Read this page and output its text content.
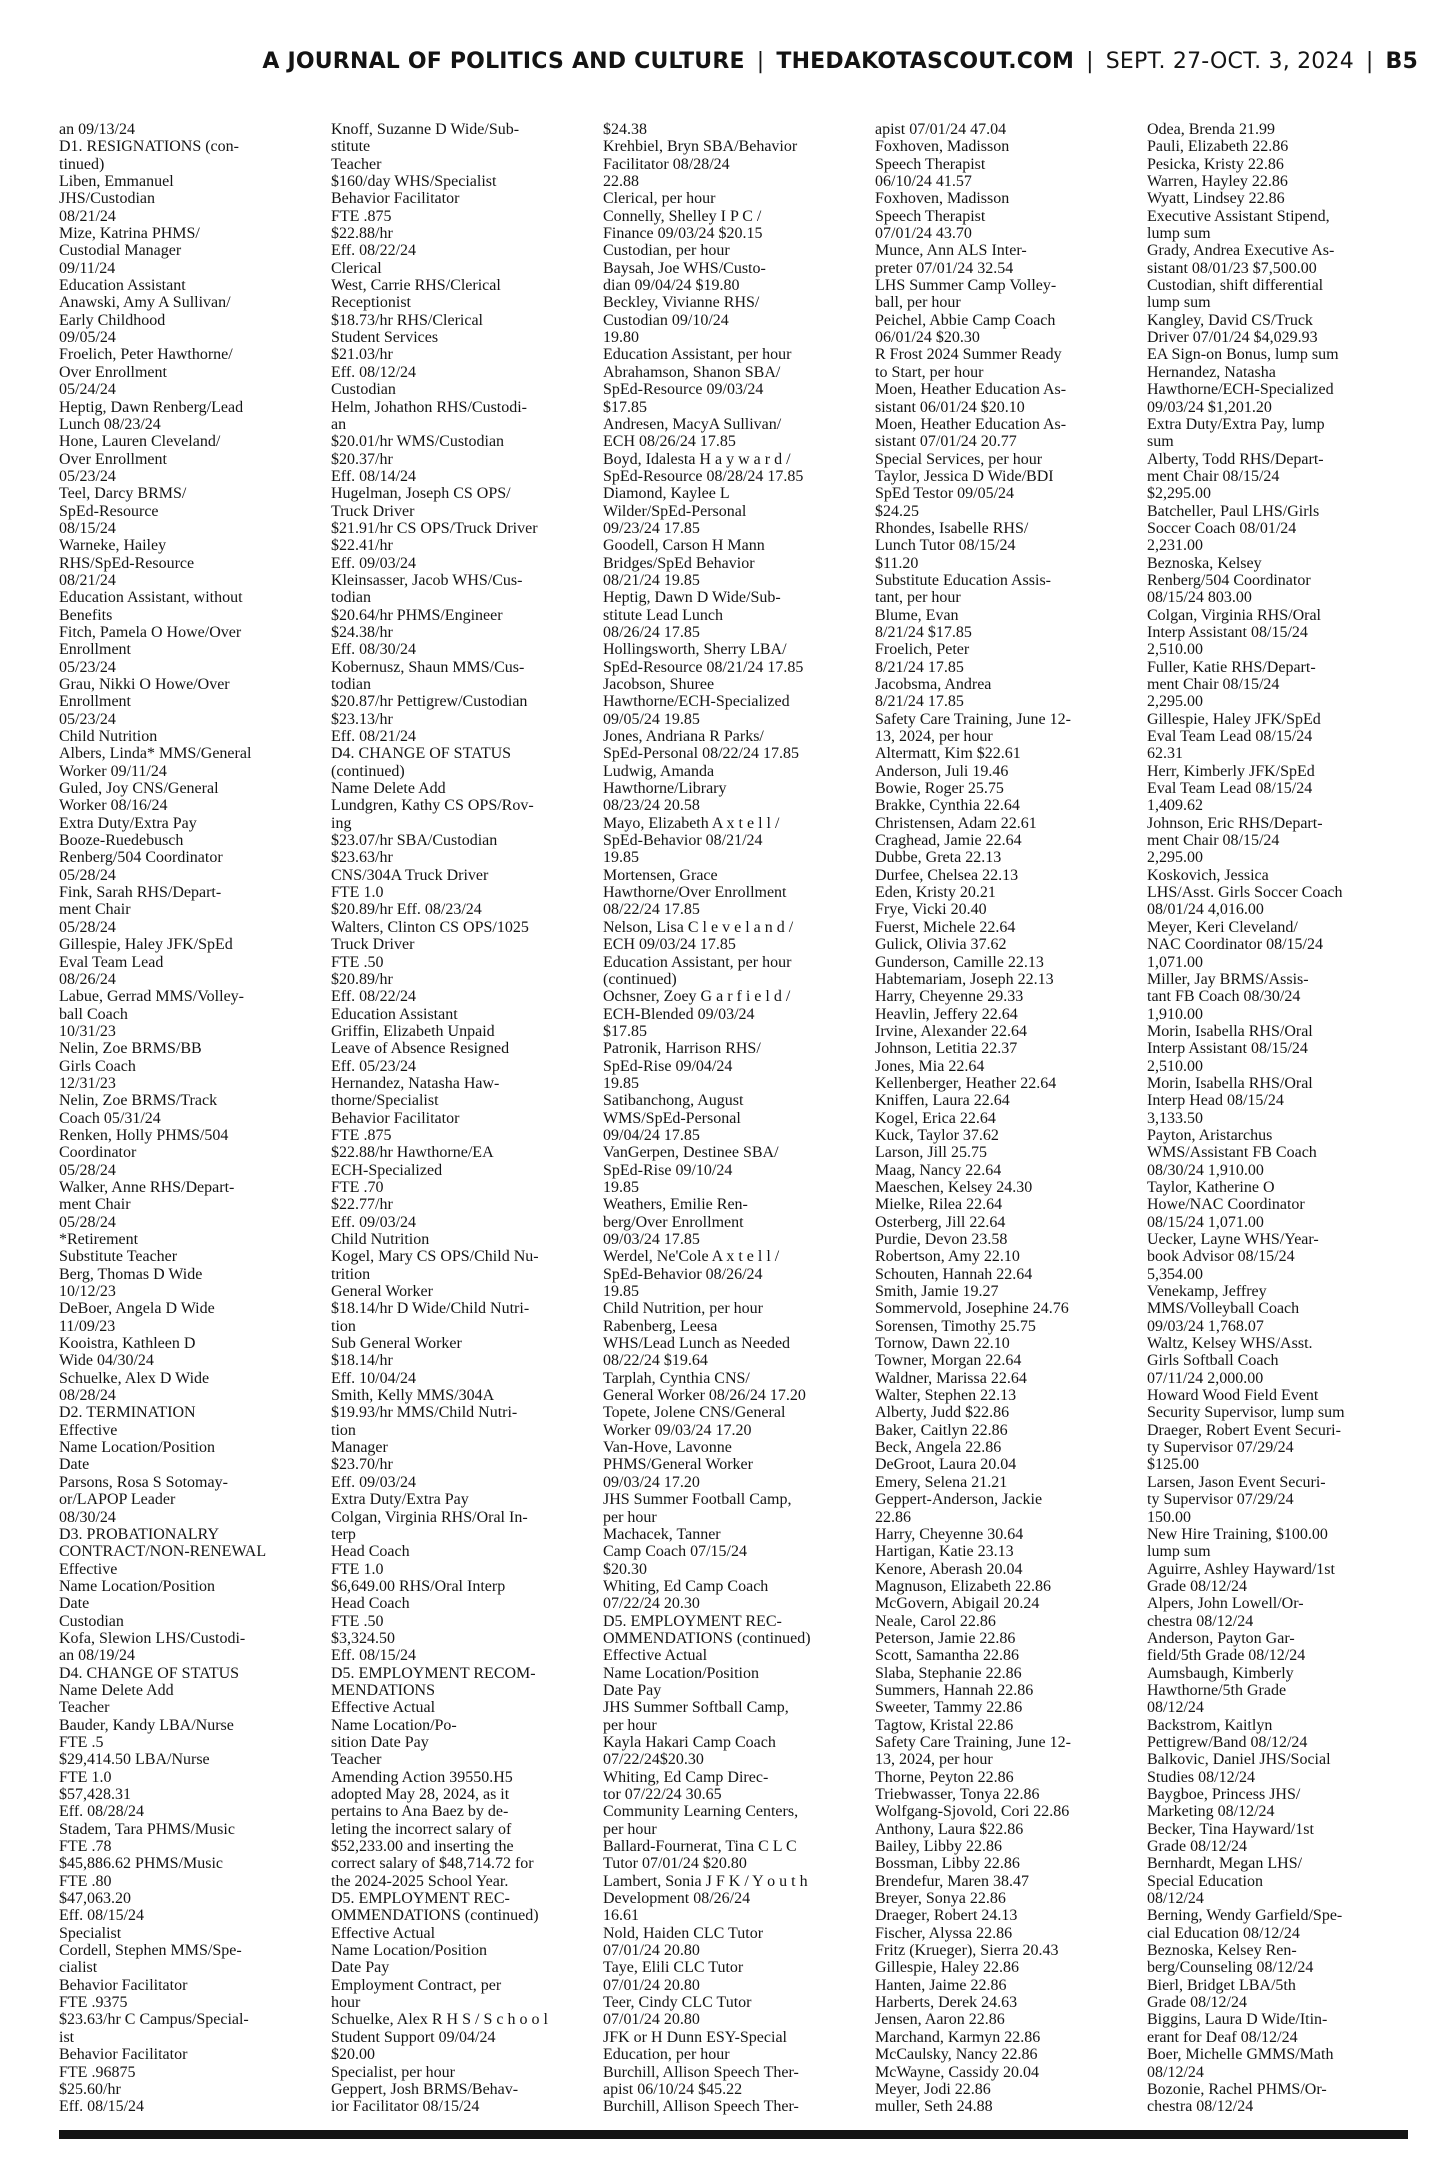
A JOURNAL OF POLITICS AND CULTURE | THEDAKOTASCOUT.COM | SEPT. 27-OCT. 3, 2024 | B5
an 09/13/24
D1. RESIGNATIONS (con-
tinued)
Liben, Emmanuel
JHS/Custodian
08/21/24
Mize, Katrina PHMS/
Custodial Manager
09/11/24
Education Assistant
Anawski, Amy A Sullivan/
Early Childhood
09/05/24
Froelich, Peter Hawthorne/
Over Enrollment
05/24/24
Heptig, Dawn Renberg/Lead
Lunch 08/23/24
Hone, Lauren Cleveland/
Over Enrollment
05/23/24
Teel, Darcy BRMS/
SpEd-Resource
08/15/24
Warneke, Hailey
RHS/SpEd-Resource
08/21/24
Education Assistant, without
Benefits
Fitch, Pamela O Howe/Over
Enrollment
05/23/24
Grau, Nikki O Howe/Over
Enrollment
05/23/24
Child Nutrition
Albers, Linda* MMS/General
Worker 09/11/24
Guled, Joy CNS/General
Worker 08/16/24
Extra Duty/Extra Pay
Booze-Ruedebusch
Renberg/504 Coordinator
05/28/24
Fink, Sarah RHS/Depart-
ment Chair
05/28/24
Gillespie, Haley JFK/SpEd
Eval Team Lead
08/26/24
Labue, Gerrad MMS/Volley-
ball Coach
10/31/23
Nelin, Zoe BRMS/BB
Girls Coach
12/31/23
Nelin, Zoe BRMS/Track
Coach 05/31/24
Renken, Holly PHMS/504
Coordinator
05/28/24
Walker, Anne RHS/Depart-
ment Chair
05/28/24
*Retirement
Substitute Teacher
Berg, Thomas D Wide
10/12/23
DeBoer, Angela D Wide
11/09/23
Kooistra, Kathleen D
Wide 04/30/24
Schuelke, Alex D Wide
08/28/24
D2. TERMINATION
Effective
Name Location/Position
Date
Parsons, Rosa S Sotomay-
or/LAPOP Leader
08/30/24
D3. PROBATIONALRY
CONTRACT/NON-RENEWAL
Effective
Name Location/Position
Date
Custodian
Kofa, Slewion LHS/Custodi-
an 08/19/24
D4. CHANGE OF STATUS
Name Delete Add
Teacher
Bauder, Kandy LBA/Nurse
FTE .5
$29,414.50 LBA/Nurse
FTE 1.0
$57,428.31
Eff. 08/28/24
Stadem, Tara PHMS/Music
FTE .78
$45,886.62 PHMS/Music
FTE .80
$47,063.20
Eff. 08/15/24
Specialist
Cordell, Stephen MMS/Spe-
cialist
Behavior Facilitator
FTE .9375
$23.63/hr C Campus/Special-
ist
Behavior Facilitator
FTE .96875
$25.60/hr
Eff. 08/15/24
Knoff, Suzanne D Wide/Sub-
stitute
Teacher
$160/day WHS/Specialist
Behavior Facilitator
FTE .875
$22.88/hr
Eff. 08/22/24
Clerical
West, Carrie RHS/Clerical
Receptionist
$18.73/hr RHS/Clerical
Student Services
$21.03/hr
Eff. 08/12/24
Custodian
Helm, Johathon RHS/Custodi-
an
$20.01/hr WMS/Custodian
$20.37/hr
Eff. 08/14/24
Hugelman, Joseph CS OPS/
Truck Driver
$21.91/hr CS OPS/Truck Driver
$22.41/hr
Eff. 09/03/24
Kleinsasser, Jacob WHS/Cus-
todian
$20.64/hr PHMS/Engineer
$24.38/hr
Eff. 08/30/24
Kobernusz, Shaun MMS/Cus-
todian
$20.87/hr Pettigrew/Custodian
$23.13/hr
Eff. 08/21/24
D4. CHANGE OF STATUS
(continued)
Name Delete Add
Lundgren, Kathy CS OPS/Rov-
ing
$23.07/hr SBA/Custodian
$23.63/hr
CNS/304A Truck Driver
FTE 1.0
$20.89/hr Eff. 08/23/24
Walters, Clinton CS OPS/1025
Truck Driver
FTE .50
$20.89/hr
Eff. 08/22/24
Education Assistant
Griffin, Elizabeth Unpaid
Leave of Absence Resigned
Eff. 05/23/24
Hernandez, Natasha Haw-
thorne/Specialist
Behavior Facilitator
FTE .875
$22.88/hr Hawthorne/EA
ECH-Specialized
FTE .70
$22.77/hr
Eff. 09/03/24
Child Nutrition
Kogel, Mary CS OPS/Child Nu-
trition
General Worker
$18.14/hr D Wide/Child Nutri-
tion
Sub General Worker
$18.14/hr
Eff. 10/04/24
Smith, Kelly MMS/304A
$19.93/hr MMS/Child Nutri-
tion
Manager
$23.70/hr
Eff. 09/03/24
Extra Duty/Extra Pay
Colgan, Virginia RHS/Oral In-
terp
Head Coach
FTE 1.0
$6,649.00 RHS/Oral Interp
Head Coach
FTE .50
$3,324.50
Eff. 08/15/24
D5. EMPLOYMENT RECOM-
MENDATIONS
Effective Actual
Name Location/Po-
sition Date Pay
Teacher
Amending Action 39550.H5
adopted May 28, 2024, as it
pertains to Ana Baez by de-
leting the incorrect salary of
$52,233.00 and inserting the
correct salary of $48,714.72 for
the 2024-2025 School Year.
D5. EMPLOYMENT REC-
OMMENDATIONS (continued)
Effective Actual
Name Location/Position
Date Pay
Employment Contract, per
hour
Schuelke, Alex R H S / S c h o o l
Student Support 09/04/24
$20.00
Specialist, per hour
Geppert, Josh BRMS/Behav-
ior Facilitator 08/15/24
$24.38
Krehbiel, Bryn SBA/Behavior
Facilitator 08/28/24
22.88
Clerical, per hour
Connelly, Shelley I P C /
Finance 09/03/24 $20.15
Custodian, per hour
Baysah, Joe WHS/Custo-
dian 09/04/24 $19.80
Beckley, Vivianne RHS/
Custodian 09/10/24
19.80
Education Assistant, per hour
Abrahamson, Shanon SBA/
SpEd-Resource 09/03/24
$17.85
Andresen, MacyA Sullivan/
ECH 08/26/24 17.85
Boyd, Idalesta H a y w a r d /
SpEd-Resource 08/28/24 17.85
Diamond, Kaylee L
Wilder/SpEd-Personal
09/23/24 17.85
Goodell, Carson H Mann
Bridges/SpEd Behavior
08/21/24 19.85
Heptig, Dawn D Wide/Sub-
stitute Lead Lunch
08/26/24 17.85
Hollingsworth, Sherry LBA/
SpEd-Resource 08/21/24 17.85
Jacobson, Shuree
Hawthorne/ECH-Specialized
09/05/24 19.85
Jones, Andriana R Parks/
SpEd-Personal 08/22/24 17.85
Ludwig, Amanda
Hawthorne/Library
08/23/24 20.58
Mayo, Elizabeth A x t e l l /
SpEd-Behavior 08/21/24
19.85
Mortensen, Grace
Hawthorne/Over Enrollment
08/22/24 17.85
Nelson, Lisa C l e v e l a n d /
ECH 09/03/24 17.85
Education Assistant, per hour
(continued)
Ochsner, Zoey G a r f i e l d /
ECH-Blended 09/03/24
$17.85
Patronik, Harrison RHS/
SpEd-Rise 09/04/24
19.85
Satibanchong, August
WMS/SpEd-Personal
09/04/24 17.85
VanGerpen, Destinee SBA/
SpEd-Rise 09/10/24
19.85
Weathers, Emilie Ren-
berg/Over Enrollment
09/03/24 17.85
Werdel, Ne'Cole A x t e l l /
SpEd-Behavior 08/26/24
19.85
Child Nutrition, per hour
Rabenberg, Leesa
WHS/Lead Lunch as Needed
08/22/24 $19.64
Tarplah, Cynthia CNS/
General Worker 08/26/24 17.20
Topete, Jolene CNS/General
Worker 09/03/24 17.20
Van-Hove, Lavonne
PHMS/General Worker
09/03/24 17.20
JHS Summer Football Camp,
per hour
Machacek, Tanner
Camp Coach 07/15/24
$20.30
Whiting, Ed Camp Coach
07/22/24 20.30
D5. EMPLOYMENT REC-
OMMENDATIONS (continued)
Effective Actual
Name Location/Position
Date Pay
JHS Summer Softball Camp,
per hour
Kayla Hakari Camp Coach
07/22/24$20.30
Whiting, Ed Camp Direc-
tor 07/22/24 30.65
Community Learning Centers,
per hour
Ballard-Fournerat, Tina C L C
Tutor 07/01/24 $20.80
Lambert, Sonia J F K / Y o u t h
Development 08/26/24
16.61
Nold, Haiden CLC Tutor
07/01/24 20.80
Taye, Elili CLC Tutor
07/01/24 20.80
Teer, Cindy CLC Tutor
07/01/24 20.80
JFK or H Dunn ESY-Special
Education, per hour
Burchill, Allison Speech Ther-
apist 06/10/24 $45.22
Burchill, Allison Speech Ther-
apist 07/01/24 47.04
Foxhoven, Madisson
Speech Therapist
06/10/24 41.57
Foxhoven, Madisson
Speech Therapist
07/01/24 43.70
Munce, Ann ALS Inter-
preter 07/01/24 32.54
LHS Summer Camp Volley-
ball, per hour
Peichel, Abbie Camp Coach
06/01/24 $20.30
R Frost 2024 Summer Ready
to Start, per hour
Moen, Heather Education As-
sistant 06/01/24 $20.10
Moen, Heather Education As-
sistant 07/01/24 20.77
Special Services, per hour
Taylor, Jessica D Wide/BDI
SpEd Testor 09/05/24
$24.25
Rhondes, Isabelle RHS/
Lunch Tutor 08/15/24
$11.20
Substitute Education Assis-
tant, per hour
Blume, Evan
8/21/24 $17.85
Froelich, Peter
8/21/24 17.85
Jacobsma, Andrea
8/21/24 17.85
Safety Care Training, June 12-
13, 2024, per hour
Altermatt, Kim $22.61
Anderson, Juli 19.46
Bowie, Roger 25.75
Brakke, Cynthia 22.64
Christensen, Adam 22.61
Craghead, Jamie 22.64
Dubbe, Greta 22.13
Durfee, Chelsea 22.13
Eden, Kristy 20.21
Frye, Vicki 20.40
Fuerst, Michele 22.64
Gulick, Olivia 37.62
Gunderson, Camille 22.13
Habtemariam, Joseph 22.13
Harry, Cheyenne 29.33
Heavlin, Jeffery 22.64
Irvine, Alexander 22.64
Johnson, Letitia 22.37
Jones, Mia 22.64
Kellenberger, Heather 22.64
Kniffen, Laura 22.64
Kogel, Erica 22.64
Kuck, Taylor 37.62
Larson, Jill 25.75
Maag, Nancy 22.64
Maeschen, Kelsey 24.30
Mielke, Rilea 22.64
Osterberg, Jill 22.64
Purdie, Devon 23.58
Robertson, Amy 22.10
Schouten, Hannah 22.64
Smith, Jamie 19.27
Sommervold, Josephine 24.76
Sorensen, Timothy 25.75
Tornow, Dawn 22.10
Towner, Morgan 22.64
Waldner, Marissa 22.64
Walter, Stephen 22.13
Alberty, Judd $22.86
Baker, Caitlyn 22.86
Beck, Angela 22.86
DeGroot, Laura 20.04
Emery, Selena 21.21
Geppert-Anderson, Jackie
22.86
Harry, Cheyenne 30.64
Hartigan, Katie 23.13
Kenore, Aberash 20.04
Magnuson, Elizabeth 22.86
McGovern, Abigail 20.24
Neale, Carol 22.86
Peterson, Jamie 22.86
Scott, Samantha 22.86
Slaba, Stephanie 22.86
Summers, Hannah 22.86
Sweeter, Tammy 22.86
Tagtow, Kristal 22.86
Safety Care Training, June 12-
13, 2024, per hour
Thorne, Peyton 22.86
Triebwasser, Tonya 22.86
Wolfgang-Sjovold, Cori 22.86
Anthony, Laura $22.86
Bailey, Libby 22.86
Bossman, Libby 22.86
Brendefur, Maren 38.47
Breyer, Sonya 22.86
Draeger, Robert 24.13
Fischer, Alyssa 22.86
Fritz (Krueger), Sierra 20.43
Gillespie, Haley 22.86
Hanten, Jaime 22.86
Harberts, Derek 24.63
Jensen, Aaron 22.86
Marchand, Karmyn 22.86
McCaulsky, Nancy 22.86
McWayne, Cassidy 20.04
Meyer, Jodi 22.86
muller, Seth 24.88
Odea, Brenda 21.99
Pauli, Elizabeth 22.86
Pesicka, Kristy 22.86
Warren, Hayley 22.86
Wyatt, Lindsey 22.86
Executive Assistant Stipend,
lump sum
Grady, Andrea Executive As-
sistant 08/01/23 $7,500.00
Custodian, shift differential
lump sum
Kangley, David CS/Truck
Driver 07/01/24 $4,029.93
EA Sign-on Bonus, lump sum
Hernandez, Natasha
Hawthorne/ECH-Specialized
09/03/24 $1,201.20
Extra Duty/Extra Pay, lump
sum
Alberty, Todd RHS/Depart-
ment Chair 08/15/24
$2,295.00
Batcheller, Paul LHS/Girls
Soccer Coach 08/01/24
2,231.00
Beznoska, Kelsey
Renberg/504 Coordinator
08/15/24 803.00
Colgan, Virginia RHS/Oral
Interp Assistant 08/15/24
2,510.00
Fuller, Katie RHS/Depart-
ment Chair 08/15/24
2,295.00
Gillespie, Haley JFK/SpEd
Eval Team Lead 08/15/24
62.31
Herr, Kimberly JFK/SpEd
Eval Team Lead 08/15/24
1,409.62
Johnson, Eric RHS/Depart-
ment Chair 08/15/24
2,295.00
Koskovich, Jessica
LHS/Asst. Girls Soccer Coach
08/01/24 4,016.00
Meyer, Keri Cleveland/
NAC Coordinator 08/15/24
1,071.00
Miller, Jay BRMS/Assis-
tant FB Coach 08/30/24
1,910.00
Morin, Isabella RHS/Oral
Interp Assistant 08/15/24
2,510.00
Morin, Isabella RHS/Oral
Interp Head 08/15/24
3,133.50
Payton, Aristarchus
WMS/Assistant FB Coach
08/30/24 1,910.00
Taylor, Katherine O
Howe/NAC Coordinator
08/15/24 1,071.00
Uecker, Layne WHS/Year-
book Advisor 08/15/24
5,354.00
Venekamp, Jeffrey
MMS/Volleyball Coach
09/03/24 1,768.07
Waltz, Kelsey WHS/Asst.
Girls Softball Coach
07/11/24 2,000.00
Howard Wood Field Event
Security Supervisor, lump sum
Draeger, Robert Event Securi-
ty Supervisor 07/29/24
$125.00
Larsen, Jason Event Securi-
ty Supervisor 07/29/24
150.00
New Hire Training, $100.00
lump sum
Aguirre, Ashley Hayward/1st
Grade 08/12/24
Alpers, John Lowell/Or-
chestra 08/12/24
Anderson, Payton Gar-
field/5th Grade 08/12/24
Aumsbaugh, Kimberly
Hawthorne/5th Grade
08/12/24
Backstrom, Kaitlyn
Pettigrew/Band 08/12/24
Balkovic, Daniel JHS/Social
Studies 08/12/24
Baygboe, Princess JHS/
Marketing 08/12/24
Becker, Tina Hayward/1st
Grade 08/12/24
Bernhardt, Megan LHS/
Special Education
08/12/24
Berning, Wendy Garfield/Spe-
cial Education 08/12/24
Beznoska, Kelsey Ren-
berg/Counseling 08/12/24
Bierl, Bridget LBA/5th
Grade 08/12/24
Biggins, Laura D Wide/Itin-
erant for Deaf 08/12/24
Boer, Michelle GMMS/Math
08/12/24
Bozonie, Rachel PHMS/Or-
chestra 08/12/24
